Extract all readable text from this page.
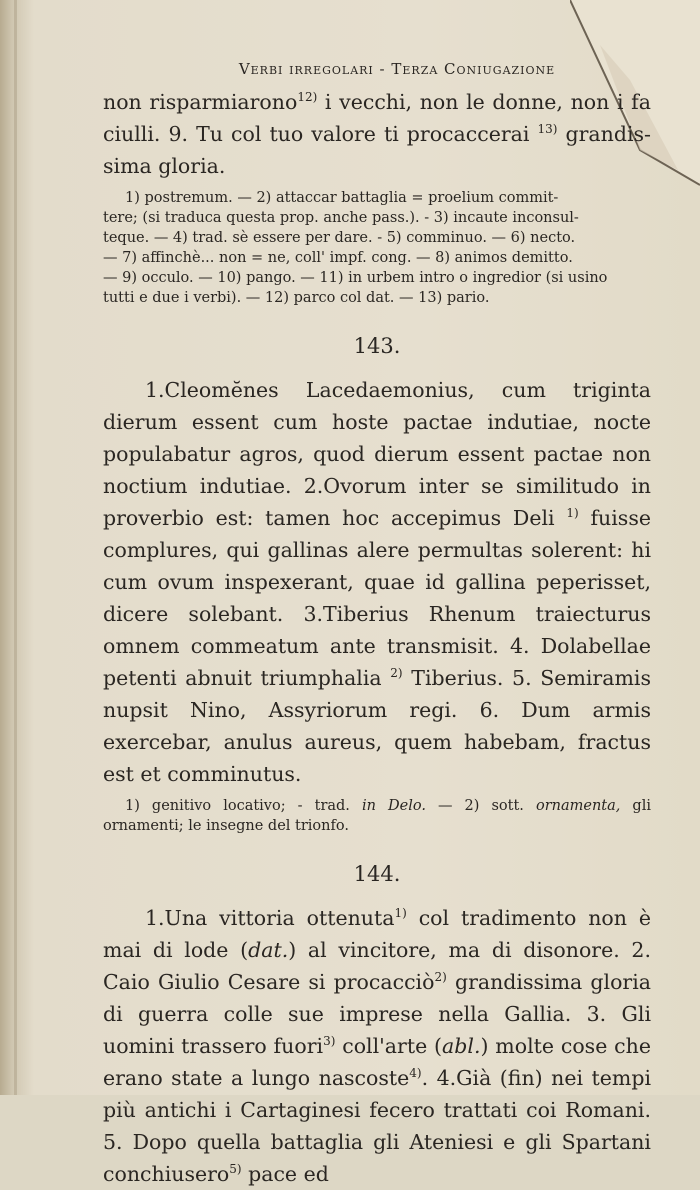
Verbi irregolari - Terza Coniugazione

non risparmiarono$^{12)}$ i vecchi, non le donne, non i fa ciulli. 9. Tu col tuo valore ti procaccerai $^{13)}$ grandis- sima gloria.

1) postremum. — 2) attaccar battaglia = proelium commit-
tere; (si traduca questa prop. anche pass.). - 3) incaute inconsul-
teque. — 4) trad. sè essere per dare. - 5) comminuo. — 6) necto.
— 7) affinchè... non = ne, coll' impf. cong. — 8) animos demitto.
— 9) occulo. — 10) pango. — 11) in urbem intro o ingredior (si usino
tutti e due i verbi). — 12) parco col dat. — 13) pario.
143.

1.Cleomĕnes Lacedaemonius, cum triginta dierum essent cum hoste pactae indutiae, nocte populabatur agros, quod dierum essent pactae non noctium indutiae. 2.Ovorum inter se similitudo in proverbio est: tamen hoc accepimus Deli $^{1)}$ fuisse complures, qui gallinas alere permultas solerent: hi cum ovum inspexerant, quae id gallina peperisset, dicere solebant. 3.Tiberius Rhenum traiecturus omnem commeatum ante transmisit. 4. Dolabellae petenti abnuit triumphalia $^{2)}$ Tiberius. 5. Semiramis nupsit Nino, Assyriorum regi. 6. Dum armis exercebar, anulus aureus, quem habebam, fractus est et comminutus.

1) genitivo locativo; - trad. in Delo. — 2) sott. ornamenta, gli ornamenti; le insegne del trionfo.
144.

1.Una vittoria ottenuta$^{1)}$ col tradimento non è mai di lode (dat.) al vincitore, ma di disonore. 2. Caio Giulio Cesare si procacciò$^{2)}$ grandissima gloria di guerra colle sue imprese nella Gallia. 3. Gli uomini trassero fuori$^{3)}$ coll'arte (abl.) molte cose che erano state a lungo nascoste$^{4)}$. 4.Già (fin) nei tempi più antichi i Cartaginesi fecero trattati coi Romani. 5. Dopo quella battaglia gli Ateniesi e gli Spartani conchiusero$^{5)}$ pace ed
